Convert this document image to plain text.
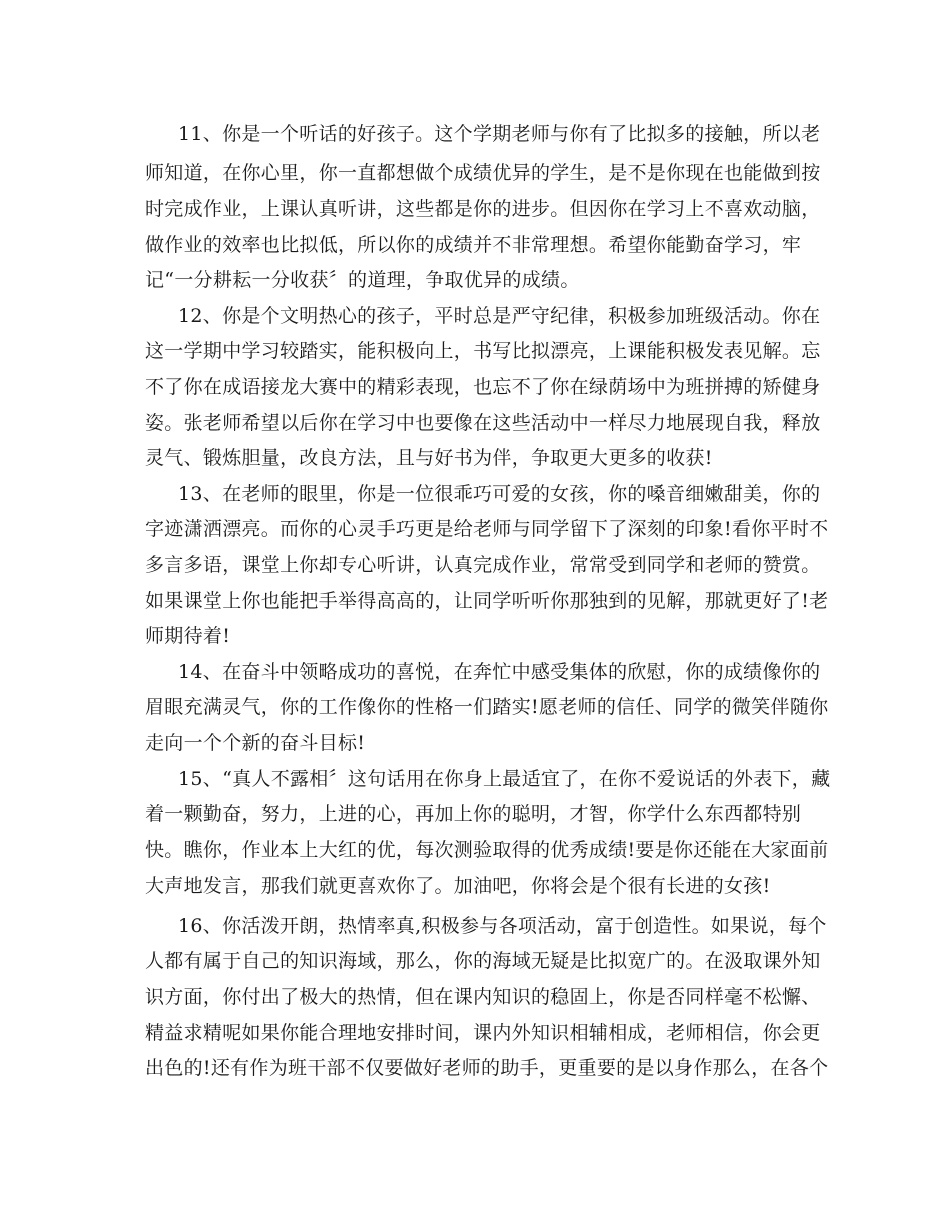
11、你是一个听话的好孩子。这个学期老师与你有了比拟多的接触，所以老
师知道，在你心里，你一直都想做个成绩优异的学生，是不是你现在也能做到按
时完成作业，上课认真听讲，这些都是你的进步。但因你在学习上不喜欢动脑，
做作业的效率也比拟低，所以你的成绩并不非常理想。希望你能勤奋学习，牢
记“一分耕耘一分收获〞的道理，争取优异的成绩。
12、你是个文明热心的孩子，平时总是严守纪律，积极参加班级活动。你在
这一学期中学习较踏实，能积极向上，书写比拟漂亮，上课能积极发表见解。忘
不了你在成语接龙大赛中的精彩表现，也忘不了你在绿荫场中为班拼搏的矫健身
姿。张老师希望以后你在学习中也要像在这些活动中一样尽力地展现自我，释放
灵气、锻炼胆量，改良方法，且与好书为伴，争取更大更多的收获!
13、在老师的眼里，你是一位很乖巧可爱的女孩，你的嗓音细嫩甜美，你的
字迹潇洒漂亮。而你的心灵手巧更是给老师与同学留下了深刻的印象!看你平时不
多言多语，课堂上你却专心听讲，认真完成作业，常常受到同学和老师的赞赏。
如果课堂上你也能把手举得高高的，让同学听听你那独到的见解，那就更好了!老
师期待着!
14、在奋斗中领略成功的喜悦，在奔忙中感受集体的欣慰，你的成绩像你的
眉眼充满灵气，你的工作像你的性格一们踏实!愿老师的信任、同学的微笑伴随你
走向一个个新的奋斗目标!
15、“真人不露相〞这句话用在你身上最适宜了，在你不爱说话的外表下，藏
着一颗勤奋，努力，上进的心，再加上你的聪明，才智，你学什么东西都特别
快。瞧你，作业本上大红的优，每次测验取得的优秀成绩!要是你还能在大家面前
大声地发言，那我们就更喜欢你了。加油吧，你将会是个很有长进的女孩!
16、你活泼开朗，热情率真,积极参与各项活动，富于创造性。如果说，每个
人都有属于自己的知识海域，那么，你的海域无疑是比拟宽广的。在汲取课外知
识方面，你付出了极大的热情，但在课内知识的稳固上，你是否同样毫不松懈、
精益求精呢如果你能合理地安排时间，课内外知识相辅相成，老师相信，你会更
出色的!还有作为班干部不仅要做好老师的助手，更重要的是以身作那么，在各个
